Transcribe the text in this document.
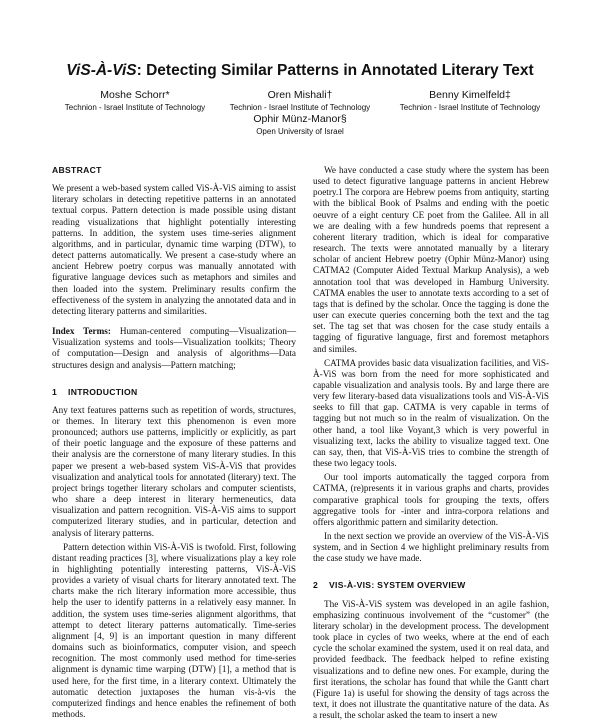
ViS-À-ViS: Detecting Similar Patterns in Annotated Literary Text
Moshe Schorr*
Technion - Israel Institute of Technology
Oren Mishali†
Technion - Israel Institute of Technology
Benny Kimelfeld‡
Technion - Israel Institute of Technology
Ophir Münz-Manor§
Open University of Israel
ABSTRACT

We present a web-based system called ViS-À-ViS aiming to assist literary scholars in detecting repetitive patterns in an annotated textual corpus. Pattern detection is made possible using distant reading visualizations that highlight potentially interesting patterns. In addition, the system uses time-series alignment algorithms, and in particular, dynamic time warping (DTW), to detect patterns automatically. We present a case-study where an ancient Hebrew poetry corpus was manually annotated with figurative language devices such as metaphors and similes and then loaded into the system. Preliminary results confirm the effectiveness of the system in analyzing the annotated data and in detecting literary patterns and similarities.

Index Terms: Human-centered computing—Visualization—Visualization systems and tools—Visualization toolkits; Theory of computation—Design and analysis of algorithms—Data structures design and analysis—Pattern matching;

1 INTRODUCTION

Any text features patterns such as repetition of words, structures, or themes. In literary text this phenomenon is even more pronounced; authors use patterns, implicitly or explicitly, as part of their poetic language and the exposure of these patterns and their analysis are the cornerstone of many literary studies. In this paper we present a web-based system ViS-À-ViS that provides visualization and analytical tools for annotated (literary) text. The project brings together literary scholars and computer scientists, who share a deep interest in literary hermeneutics, data visualization and pattern recognition. ViS-À-ViS aims to support computerized literary studies, and in particular, detection and analysis of literary patterns.

Pattern detection within ViS-À-ViS is twofold. First, following distant reading practices [3], where visualizations play a key role in highlighting potentially interesting patterns, ViS-À-ViS provides a variety of visual charts for literary annotated text. The charts make the rich literary information more accessible, thus help the user to identify patterns in a relatively easy manner. In addition, the system uses time-series alignment algorithms, that attempt to detect literary patterns automatically. Time-series alignment [4, 9] is an important question in many different domains such as bioinformatics, computer vision, and speech recognition. The most commonly used method for time-series alignment is dynamic time warping (DTW) [1], a method that is used here, for the first time, in a literary context. Ultimately the automatic detection juxtaposes the human vis-à-vis the computerized findings and hence enables the refinement of both methods.

We have conducted a case study where the system has been used to detect figurative language patterns in ancient Hebrew poetry.1 The corpora are Hebrew poems from antiquity, starting with the biblical Book of Psalms and ending with the poetic oeuvre of a eight century CE poet from the Galilee. All in all we are dealing with a few hundreds poems that represent a coherent literary tradition, which is ideal for comparative research. The texts were annotated manually by a literary scholar of ancient Hebrew poetry (Ophir Münz-Manor) using CATMA2 (Computer Aided Textual Markup Analysis), a web annotation tool that was developed in Hamburg University. CATMA enables the user to annotate texts according to a set of tags that is defined by the scholar. Once the tagging is done the user can execute queries concerning both the text and the tag set. The tag set that was chosen for the case study entails a tagging of figurative language, first and foremost metaphors and similes.

CATMA provides basic data visualization facilities, and ViS-À-ViS was born from the need for more sophisticated and capable visualization and analysis tools. By and large there are very few literary-based data visualizations tools and ViS-À-ViS seeks to fill that gap. CATMA is very capable in terms of tagging but not much so in the realm of visualization. On the other hand, a tool like Voyant,3 which is very powerful in visualizing text, lacks the ability to visualize tagged text. One can say, then, that ViS-À-ViS tries to combine the strength of these two legacy tools.

Our tool imports automatically the tagged corpora from CATMA, (re)presents it in various graphs and charts, provides comparative graphical tools for grouping the texts, offers aggregative tools for -inter and intra-corpora relations and offers algorithmic pattern and similarity detection.

In the next section we provide an overview of the ViS-À-ViS system, and in Section 4 we highlight preliminary results from the case study we have made.

2 VIS-À-VIS: SYSTEM OVERVIEW

The ViS-À-ViS system was developed in an agile fashion, emphasizing continuous involvement of the “customer” (the literary scholar) in the development process. The development took place in cycles of two weeks, where at the end of each cycle the scholar examined the system, used it on real data, and provided feedback. The feedback helped to refine existing visualizations and to define new ones. For example, during the first iterations, the scholar has found that while the Gantt chart (Figure 1a) is useful for showing the density of tags across the text, it does not illustrate the quantitative nature of the data. As a result, the scholar asked the team to insert a new
